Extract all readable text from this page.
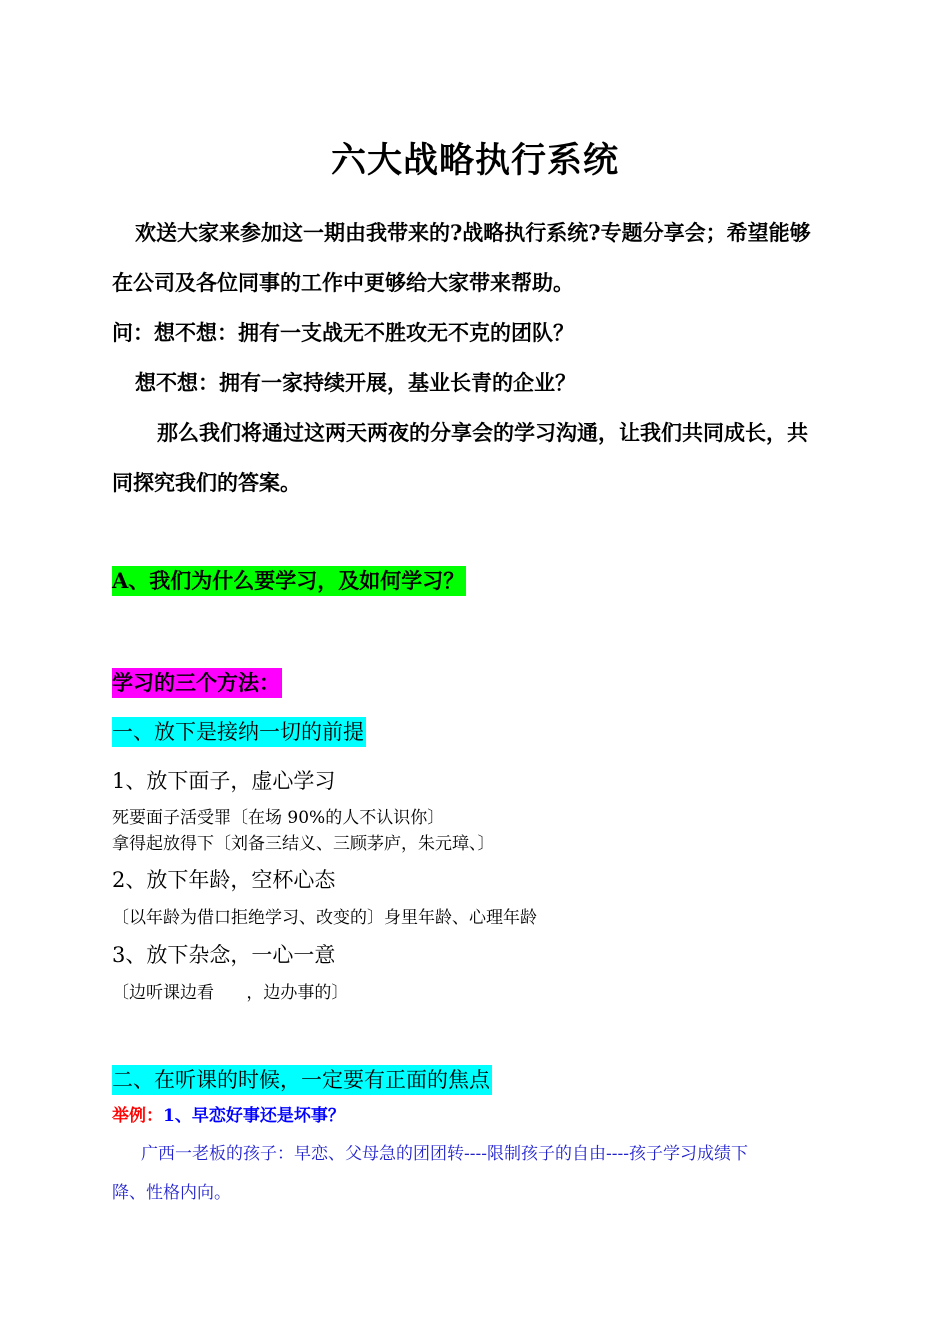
六大战略执行系统
欢送大家来参加这一期由我带来的?战略执行系统?专题分享会；希望能够
在公司及各位同事的工作中更够给大家带来帮助。
问：想不想：拥有一支战无不胜攻无不克的团队？
想不想：拥有一家持续开展，基业长青的企业？
那么我们将通过这两天两夜的分享会的学习沟通，让我们共同成长，共
同探究我们的答案。
A、我们为什么要学习，及如何学习？
学习的三个方法：
一、放下是接纳一切的前提
1、放下面子，虚心学习
死要面子活受罪〔在场 90%的人不认识你〕
拿得起放得下〔刘备三结义、三顾茅庐，朱元璋、〕
2、放下年龄，空杯心态
〔以年龄为借口拒绝学习、改变的〕身里年龄、心理年龄
3、放下杂念，一心一意
〔边听课边看      ，边办事的〕
二、在听课的时候，一定要有正面的焦点
举例：1、早恋好事还是坏事？
广西一老板的孩子：早恋、父母急的团团转----限制孩子的自由----孩子学习成绩下
降、性格内向。
